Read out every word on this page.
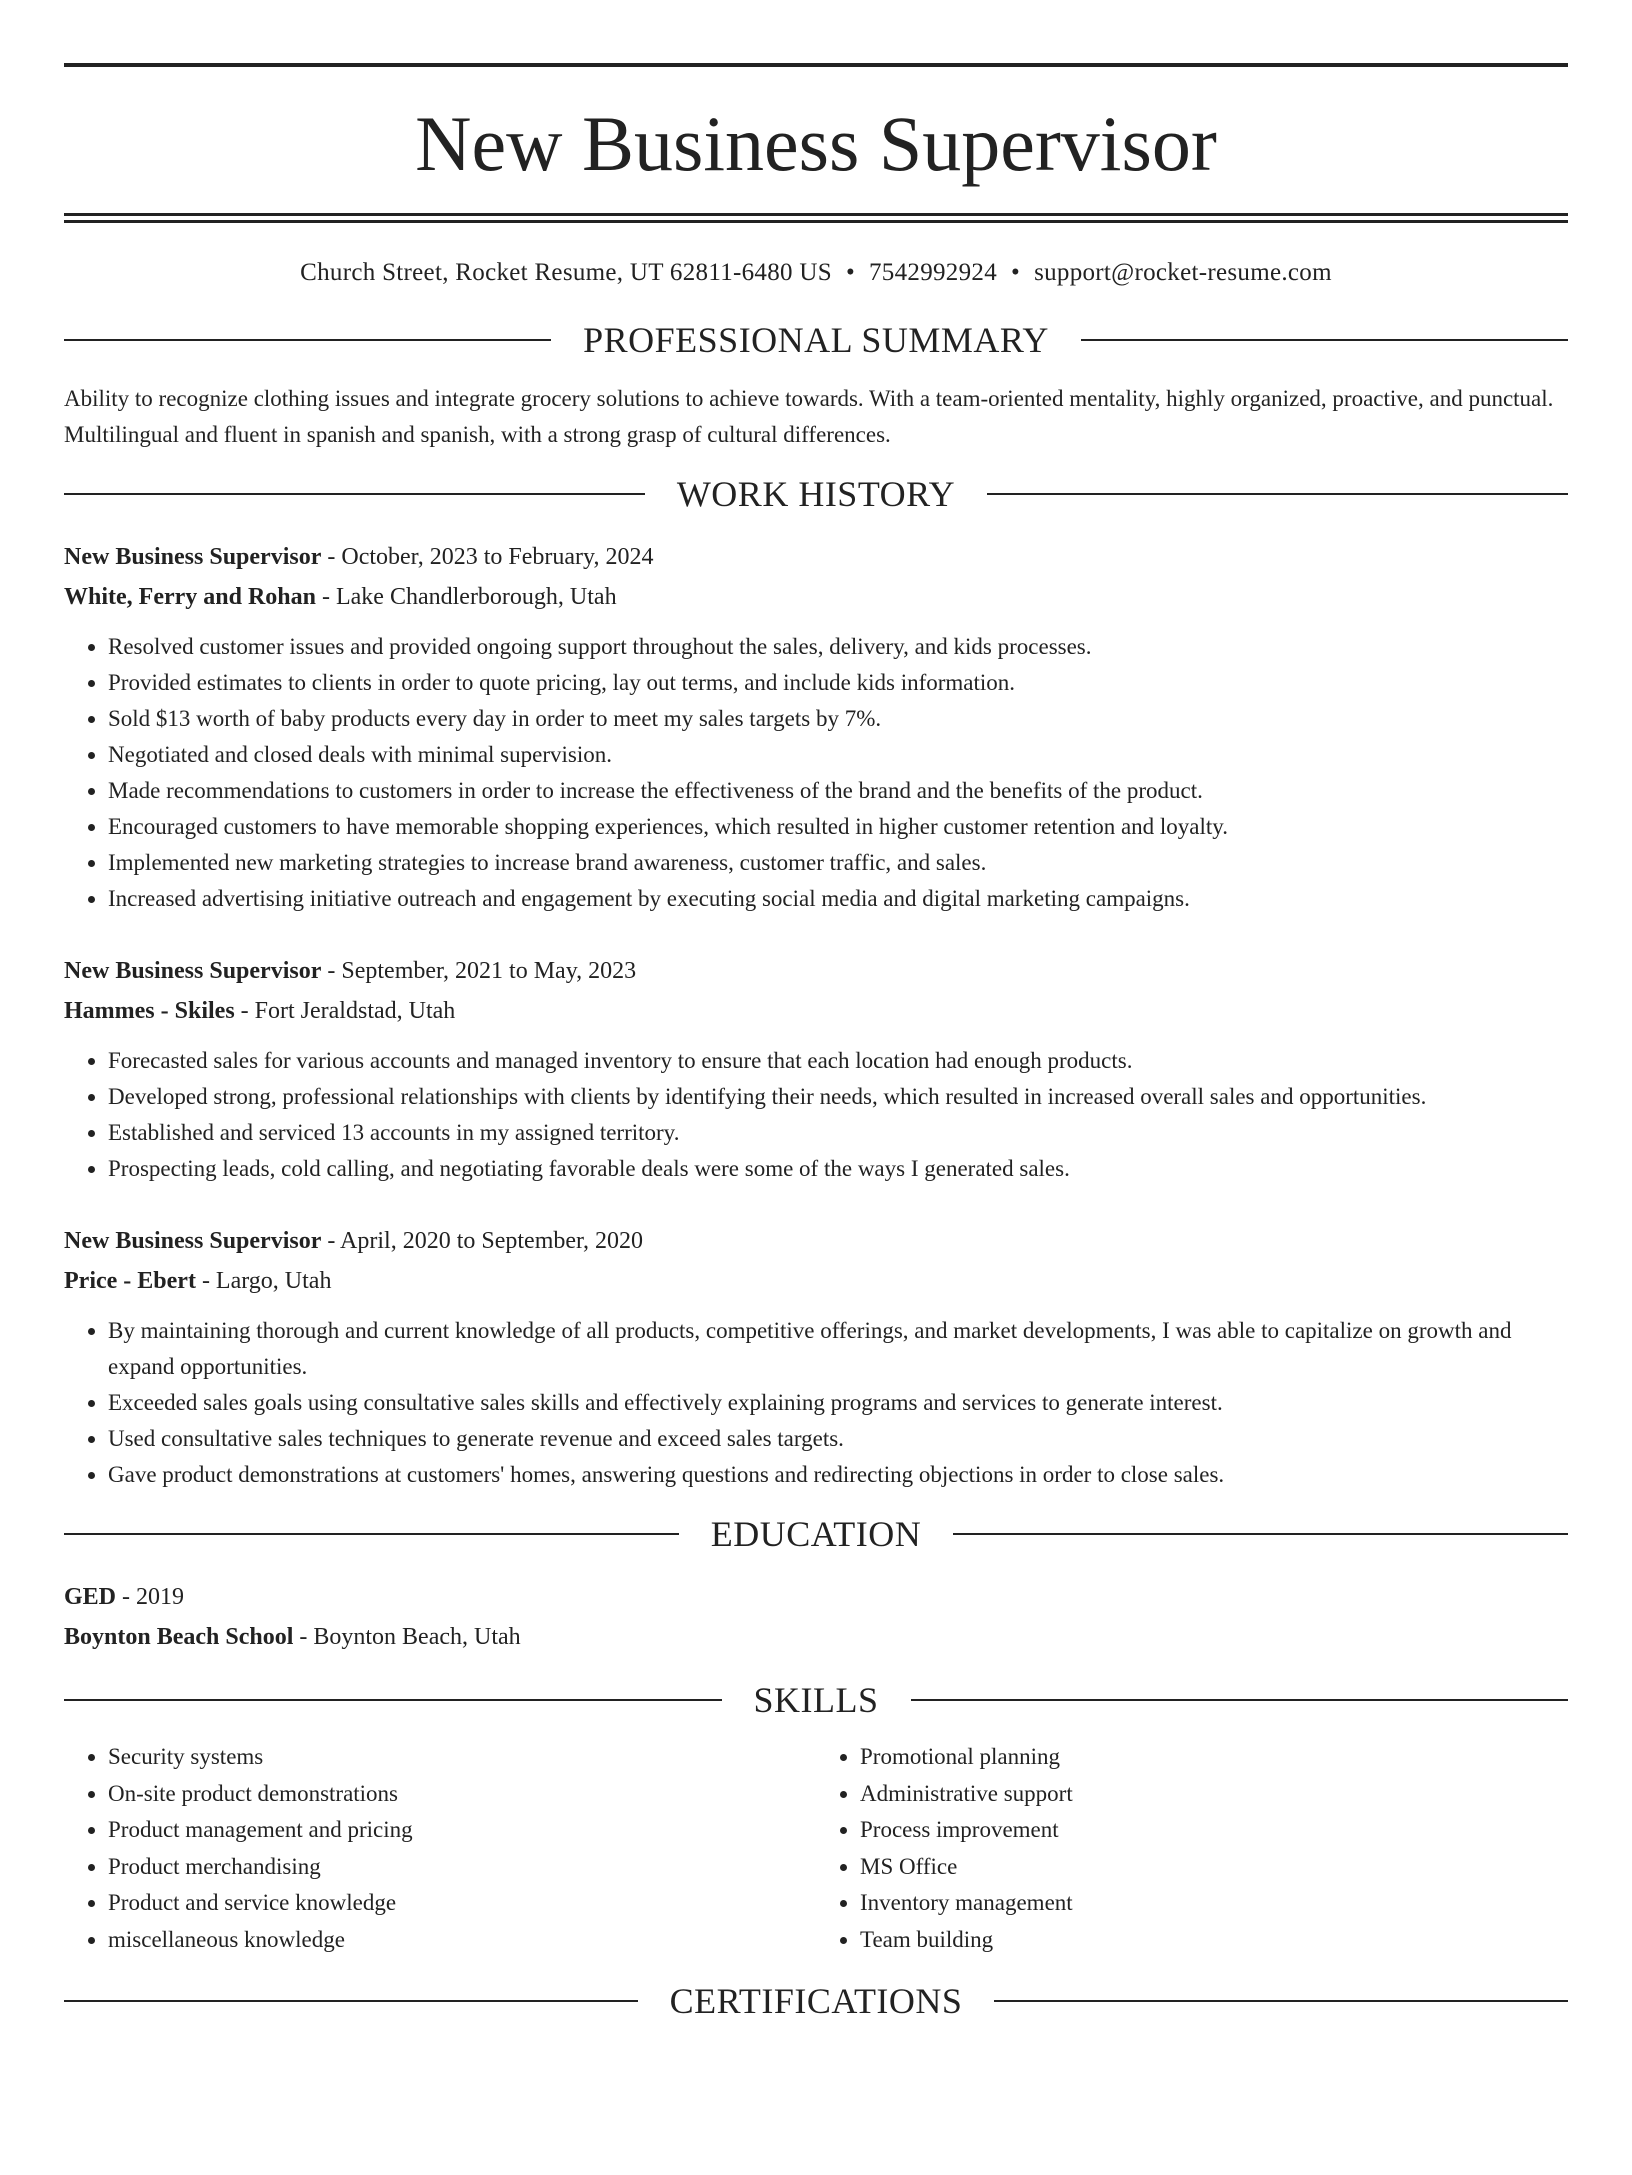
New Business Supervisor
Church Street, Rocket Resume, UT 62811-6480 US • 7542992924 • support@rocket-resume.com
PROFESSIONAL SUMMARY
Ability to recognize clothing issues and integrate grocery solutions to achieve towards. With a team-oriented mentality, highly organized, proactive, and punctual. Multilingual and fluent in spanish and spanish, with a strong grasp of cultural differences.
WORK HISTORY
New Business Supervisor - October, 2023 to February, 2024
White, Ferry and Rohan - Lake Chandlerborough, Utah
• Resolved customer issues and provided ongoing support throughout the sales, delivery, and kids processes.
• Provided estimates to clients in order to quote pricing, lay out terms, and include kids information.
• Sold $13 worth of baby products every day in order to meet my sales targets by 7%.
• Negotiated and closed deals with minimal supervision.
• Made recommendations to customers in order to increase the effectiveness of the brand and the benefits of the product.
• Encouraged customers to have memorable shopping experiences, which resulted in higher customer retention and loyalty.
• Implemented new marketing strategies to increase brand awareness, customer traffic, and sales.
• Increased advertising initiative outreach and engagement by executing social media and digital marketing campaigns.
New Business Supervisor - September, 2021 to May, 2023
Hammes - Skiles - Fort Jeraldstad, Utah
• Forecasted sales for various accounts and managed inventory to ensure that each location had enough products.
• Developed strong, professional relationships with clients by identifying their needs, which resulted in increased overall sales and opportunities.
• Established and serviced 13 accounts in my assigned territory.
• Prospecting leads, cold calling, and negotiating favorable deals were some of the ways I generated sales.
New Business Supervisor - April, 2020 to September, 2020
Price - Ebert - Largo, Utah
• By maintaining thorough and current knowledge of all products, competitive offerings, and market developments, I was able to capitalize on growth and expand opportunities.
• Exceeded sales goals using consultative sales skills and effectively explaining programs and services to generate interest.
• Used consultative sales techniques to generate revenue and exceed sales targets.
• Gave product demonstrations at customers' homes, answering questions and redirecting objections in order to close sales.
EDUCATION
GED - 2019
Boynton Beach School - Boynton Beach, Utah
SKILLS
• Security systems
• On-site product demonstrations
• Product management and pricing
• Product merchandising
• Product and service knowledge
• miscellaneous knowledge
• Promotional planning
• Administrative support
• Process improvement
• MS Office
• Inventory management
• Team building
CERTIFICATIONS
